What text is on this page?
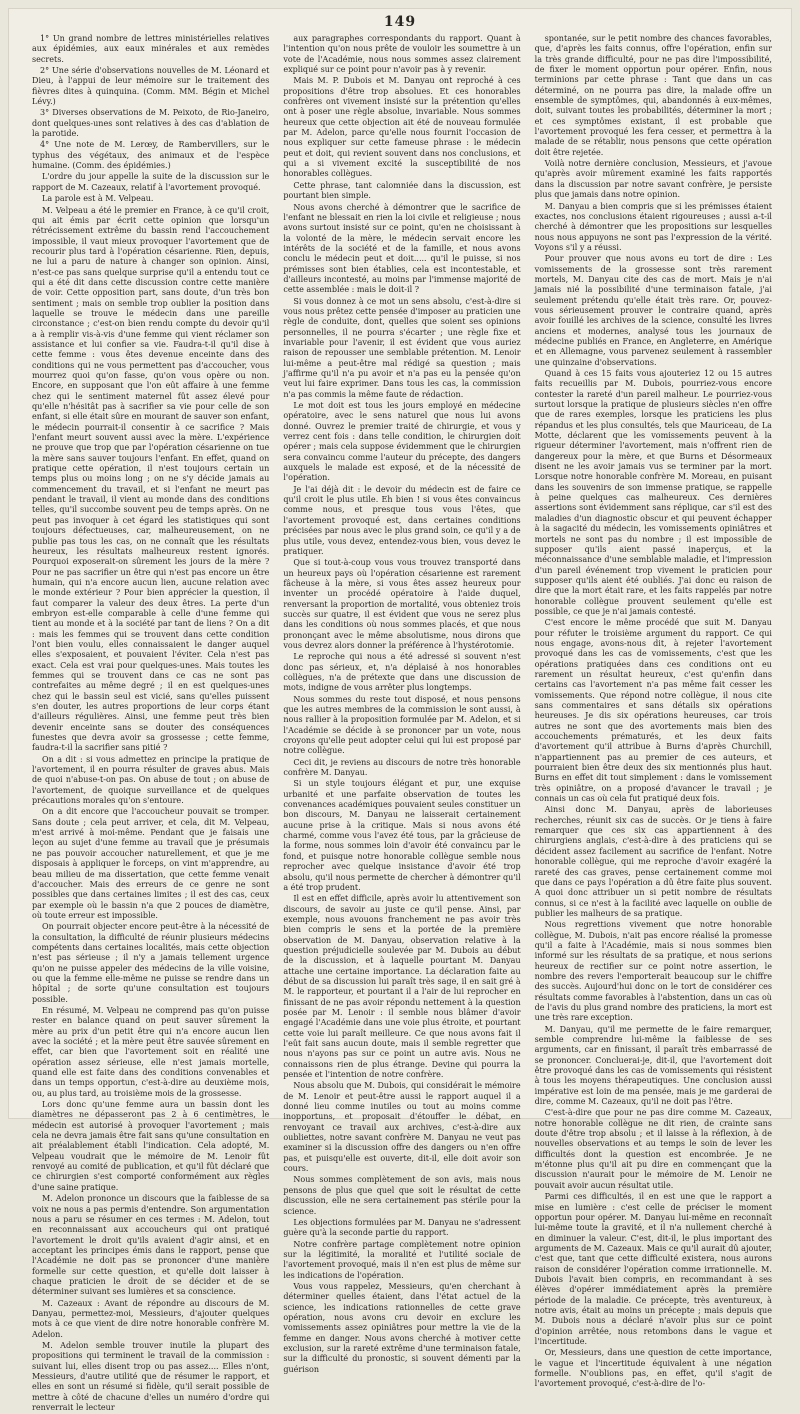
149

1° Un grand nombre de lettres ministérielles relatives aux épidémies, aux eaux minérales et aux remèdes secrets.

2° Une série d'observations nouvelles de M. Léonard et Dieu, à l'appui de leur mémoire sur le traitement des fièvres dites à quinquina. (Comm. MM. Bégin et Michel Lévy.)

3° Diverses observations de M. Peixoto, de Rio-Janeiro, dont quelques-unes sont relatives à des cas d'ablation de la parotide.

4° Une note de M. Lerœy, de Rambervillers, sur le typhus des végétaux, des animaux et de l'espèce humaine. (Comm. des épidémies.)

L'ordre du jour appelle la suite de la discussion sur le rapport de M. Cazeaux, relatif à l'avortement provoqué.

La parole est à M. Velpeau.

M. Velpeau a été le premier en France, à ce qu'il croit, qui ait émis par écrit cette opinion que lorsqu'un rétrécissement extrême du bassin rend l'accouchement impossible, il vaut mieux provoquer l'avortement que de recourir plus tard à l'opération césarienne. Rien, depuis, ne lui a paru de nature à changer son opinion. Ainsi, n'est-ce pas sans quelque surprise qu'il a entendu tout ce qui a été dit dans cette discussion contre cette manière de voir. Cette opposition part, sans doute, d'un très bon sentiment ; mais on semble trop oublier la position dans laquelle se trouve le médecin dans une pareille circonstance ; c'est-on bien rendu compte du devoir qu'il a à remplir vis-à-vis d'une femme qui vient réclamer son assistance et lui confier sa vie. Faudra-t-il qu'il dise à cette femme : vous êtes devenue enceinte dans des conditions qui ne vous permettent pas d'accoucher, vous mourrez quoi qu'on fasse, qu'on vous opère ou non. Encore, en supposant que l'on eût affaire à une femme chez qui le sentiment maternel fût assez élevé pour qu'elle n'hésitât pas à sacrifier sa vie pour celle de son enfant, si elle était sûre en mourant de sauver son enfant, le médecin pourrait-il consentir à ce sacrifice ? Mais l'enfant meurt souvent aussi avec la mère. L'expérience ne prouve que trop que par l'opération césarienne on tue la mère sans sauver toujours l'enfant. En effet, quand on pratique cette opération, il n'est toujours certain un temps plus ou moins long ; on ne s'y décide jamais au commencement du travail, et si l'enfant ne meurt pas pendant le travail, il vient au monde dans des conditions telles, qu'il succombe souvent peu de temps après. On ne peut pas invoquer à cet égard les statistiques qui sont toujours défectueuses, car, malheureusement, on ne publie pas tous les cas, on ne connaît que les résultats heureux, les résultats malheureux restent ignorés. Pourquoi exposerait-on sûrement les jours de la mère ? Pour ne pas sacrifier un être qui n'est pas encore un être humain, qui n'a encore aucun lien, aucune relation avec le monde extérieur ? Pour bien apprécier la question, il faut comparer la valeur des deux êtres. La perte d'un embryon est-elle comparable à celle d'une femme qui tient au monde et à la société par tant de liens ? On a dit : mais les femmes qui se trouvent dans cette condition l'ont bien voulu, elles connaissaient le danger auquel elles s'exposaient, et pouvaient l'éviter. Cela n'est pas exact. Cela est vrai pour quelques-unes. Mais toutes les femmes qui se trouvent dans ce cas ne sont pas contrefaites au même degré ; il en est quelques-unes chez qui le bassin seul est vicié, sans qu'elles puissent s'en douter, les autres proportions de leur corps étant d'ailleurs régulières. Ainsi, une femme peut très bien devenir enceinte sans se douter des conséquences funestes que devra avoir sa grossesse ; cette femme, faudra-t-il la sacrifier sans pitié ?

On a dit : si vous admettez en principe la pratique de l'avortement, il en pourra résulter de graves abus. Mais de quoi n'abuse-t-on pas. On abuse de tout ; on abuse de l'avortement, de quoique surveillance et de quelques précautions morales qu'on s'entoure.

On a dit encore que l'accoucheur pouvait se tromper. Sans doute ; cela peut arriver, et cela, dit M. Velpeau, m'est arrivé à moi-même. Pendant que je faisais une leçon au sujet d'une femme au travail que je présumais ne pas pouvoir accoucher naturellement, et que je me disposais à appliquer le forceps, on vint m'apprendre, au beau milieu de ma dissertation, que cette femme venait d'accoucher. Mais des erreurs de ce genre ne sont possibles que dans certaines limites ; il est des cas, ceux par exemple où le bassin n'a que 2 pouces de diamètre, où toute erreur est impossible.

On pourrait objecter encore peut-être à la nécessité de la consultation, la difficulté de réunir plusieurs médecins compétents dans certaines localités, mais cette objection n'est pas sérieuse ; il n'y a jamais tellement urgence qu'on ne puisse appeler des médecins de la ville voisine, ou que la femme elle-même ne puisse se rendre dans un hôpital ; de sorte qu'une consultation est toujours possible.

En résumé, M. Velpeau ne comprend pas qu'on puisse rester en balance quand on peut sauver sûrement la mère au prix d'un petit être qui n'a encore aucun lien avec la société ; et la mère peut être sauvée sûrement en effet, car bien que l'avortement soit en réalité une opération assez sérieuse, elle n'est jamais mortelle, quand elle est faite dans des conditions convenables et dans un temps opportun, c'est-à-dire au deuxième mois, ou, au plus tard, au troisième mois de la grossesse.

Lors donc qu'une femme aura un bassin dont les diamètres ne dépasseront pas 2 à 6 centimètres, le médecin est autorisé à provoquer l'avortement ; mais cela ne devra jamais être fait sans qu'une consultation en ait préalablement établi l'indication. Cela adopté, M. Velpeau voudrait que le mémoire de M. Lenoir fût renvoyé au comité de publication, et qu'il fût déclaré que ce chirurgien s'est comporté conformément aux règles d'une saine pratique.

M. Adelon prononce un discours que la faiblesse de sa voix ne nous a pas permis d'entendre. Son argumentation nous a paru se résumer en ces termes : M. Adelon, tout en reconnaissant aux accoucheurs qui ont pratiqué l'avortement le droit qu'ils avaient d'agir ainsi, et en acceptant les principes émis dans le rapport, pense que l'Académie ne doit pas se prononcer d'une manière formelle sur cette question, et qu'elle doit laisser à chaque praticien le droit de se décider et de se déterminer suivant ses lumières et sa conscience.

M. Cazeaux : Avant de répondre au discours de M. Danyau, permettez-moi, Messieurs, d'ajouter quelques mots à ce que vient de dire notre honorable confrère M. Adelon.

M. Adelon semble trouver inutile la plupart des propositions qui terminent le travail de la commission : suivant lui, elles disent trop ou pas assez.... Elles n'ont, Messieurs, d'autre utilité que de résumer le rapport, et elles en sont un résumé si fidèle, qu'il serait possible de mettre à côté de chacune d'elles un numéro d'ordre qui renverrait le lecteur

aux paragraphes correspondants du rapport. Quant à l'intention qu'on nous prête de vouloir les soumettre à un vote de l'Académie, nous nous sommes assez clairement expliqué sur ce point pour n'avoir pas à y revenir.

Mais M. P. Dubois et M. Danyau ont reproché à ces propositions d'être trop absolues. Et ces honorables confrères ont vivement insisté sur la prétention qu'elles ont à poser une règle absolue, invariable. Nous sommes heureux que cette objection ait été de nouveau formulée par M. Adelon, parce qu'elle nous fournit l'occasion de nous expliquer sur cette fameuse phrase : le médecin peut et doit, qui revient souvent dans nos conclusions, et qui a si vivement excité la susceptibilité de nos honorables collègues.

Cette phrase, tant calomniée dans la discussion, est pourtant bien simple.

Nous avons cherché à démontrer que le sacrifice de l'enfant ne blessait en rien la loi civile et religieuse ; nous avons surtout insisté sur ce point, qu'en ne choisissant à la volonté de la mère, le médecin servait encore les intérêts de la société et de la famille, et nous avons conclu le médecin peut et doit..... qu'il le puisse, si nos prémisses sont bien établies, cela est incontestable, et d'ailleurs incontesté, au moins par l'immense majorité de cette assemblée : mais le doit-il ?

Si vous donnez à ce mot un sens absolu, c'est-à-dire si vous nous prêtez cette pensée d'imposer au praticien une règle de conduite, dont, quelles que soient ses opinions personnelles, il ne pourra s'écarter ; une règle fixe et invariable pour l'avenir, il est évident que vous auriez raison de repousser une semblable prétention. M. Lenoir lui-même a peut-être mal rédigé sa question ; mais j'affirme qu'il n'a pu avoir et n'a pas eu la pensée qu'on veut lui faire exprimer. Dans tous les cas, la commission n'a pas commis la même faute de rédaction.

Le mot doit est tous les jours employé en médecine opératoire, avec le sens naturel que nous lui avons donné. Ouvrez le premier traité de chirurgie, et vous y verrez cent fois : dans telle condition, le chirurgien doit opérer ; mais cela suppose évidemment que le chirurgien sera convaincu comme l'auteur du précepte, des dangers auxquels le malade est exposé, et de la nécessité de l'opération.

Je l'ai déjà dit : le devoir du médecin est de faire ce qu'il croit le plus utile. Eh bien ! si vous êtes convaincus comme nous, et presque tous vous l'êtes, que l'avortement provoqué est, dans certaines conditions précisées par nous avec le plus grand soin, ce qu'il y a de plus utile, vous devez, entendez-vous bien, vous devez le pratiquer.

Que si tout-à-coup vous vous trouvez transporté dans un heureux pays où l'opération césarienne est rarement fâcheuse à la mère, si vous êtes assez heureux pour inventer un procédé opératoire à l'aide duquel, renversant la proportion de mortalité, vous obteniez trois succès sur quatre, il est évident que vous ne serez plus dans les conditions où nous sommes placés, et que nous prononçant avec le même absolutisme, nous dirons que vous devrez alors donner la préférence à l'hystérotomie.

Le reproche qui nous a été adressé si souvent n'est donc pas sérieux, et, n'a déplaisé à nos honorables collègues, n'a de prétexte que dans une discussion de mots, indigne de vous arrêter plus longtemps.

Nous sommes du reste tout disposé, et nous pensons que les autres membres de la commission le sont aussi, à nous rallier à la proposition formulée par M. Adelon, et si l'Académie se décide à se prononcer par un vote, nous croyons qu'elle peut adopter celui qui lui est proposé par notre collègue.

Ceci dit, je reviens au discours de notre très honorable confrère M. Danyau.

Si un style toujours élégant et pur, une exquise urbanité et une parfaite observation de toutes les convenances académiques pouvaient seules constituer un bon discours, M. Danyau ne laisserait certainement aucune prise à la critique. Mais si nous avons été charmé, comme vous l'avez été tous, par la grâcieuse de la forme, nous sommes loin d'avoir été convaincu par le fond, et puisque notre honorable collègue semble nous reprocher avec quelque insistance d'avoir été trop absolu, qu'il nous permette de chercher à démontrer qu'il a été trop prudent.

Il est en effet difficile, après avoir lu attentivement son discours, de savoir au juste ce qu'il pense. Ainsi, par exemple, nous avouons franchement ne pas avoir très bien compris le sens et la portée de la première observation de M. Danyau, observation relative à la question préjudicielle soulevée par M. Dubois au début de la discussion, et à laquelle pourtant M. Danyau attache une certaine importance. La déclaration faite au début de sa discussion lui paraît très sage, il en sait gré à M. le rapporteur, et pourtant il a l'air de lui reprocher en finissant de ne pas avoir répondu nettement à la question posée par M. Lenoir : il semble nous blâmer d'avoir engagé l'Académie dans une voie plus étroite, et pourtant cette voie lui paraît meilleure. Ce que nous avons fait il l'eût fait sans aucun doute, mais il semble regretter que nous n'ayons pas sur ce point un autre avis. Nous ne connaissons rien de plus étrange. Devine qui pourra la pensée et l'intention de notre confrère.

Nous absolu que M. Dubois, qui considérait le mémoire de M. Lenoir et peut-être aussi le rapport auquel il a donné lieu comme inutiles ou tout au moins comme inopportuns, et proposait d'étouffer le débat, en renvoyant ce travail aux archives, c'est-à-dire aux oubliettes, notre savant confrère M. Danyau ne veut pas examiner si la discussion offre des dangers ou n'en offre pas, et puisqu'elle est ouverte, dit-il, elle doit avoir son cours.

Nous sommes complètement de son avis, mais nous pensons de plus que quel que soit le résultat de cette discussion, elle ne sera certainement pas stérile pour la science.

Les objections formulées par M. Danyau ne s'adressent guère qu'à la seconde partie du rapport.

Notre confrère partage complètement notre opinion sur la légitimité, la moralité et l'utilité sociale de l'avortement provoqué, mais il n'en est plus de même sur les indications de l'opération.

Vous vous rappelez, Messieurs, qu'en cherchant à déterminer quelles étaient, dans l'état actuel de la science, les indications rationnelles de cette grave opération, nous avons cru devoir en exclure les vomissements assez opiniâtres pour mettre la vie de la femme en danger. Nous avons cherché à motiver cette exclusion, sur la rareté extrême d'une terminaison fatale, sur la difficulté du pronostic, si souvent démenti par la guérison

spontanée, sur le petit nombre des chances favorables, que, d'après les faits connus, offre l'opération, enfin sur la très grande difficulté, pour ne pas dire l'impossibilité, de fixer le moment opportun pour opérer. Enfin, nous terminions par cette phrase : Tant que dans un cas déterminé, on ne pourra pas dire, la malade offre un ensemble de symptômes, qui, abandonnés à eux-mêmes, doit, suivant toutes les probabilités, déterminer la mort ; et ces symptômes existant, il est probable que l'avortement provoqué les fera cesser, et permettra à la malade de se rétablir, nous pensons que cette opération doit être rejetée.

Voilà notre dernière conclusion, Messieurs, et j'avoue qu'après avoir mûrement examiné les faits rapportés dans la discussion par notre savant confrère, je persiste plus que jamais dans notre opinion.

M. Danyau a bien compris que si les prémisses étaient exactes, nos conclusions étaient rigoureuses ; aussi a-t-il cherché à démontrer que les propositions sur lesquelles nous nous appuyons ne sont pas l'expression de la vérité. Voyons s'il y a réussi.

Pour prouver que nous avons eu tort de dire : Les vomissements de la grossesse sont très rarement mortels, M. Danyau cite des cas de mort. Mais je n'ai jamais nié la possibilité d'une terminaison fatale, j'ai seulement prétendu qu'elle était très rare. Or, pouvez-vous sérieusement prouver le contraire quand, après avoir fouillé les archives de la science, consulté les livres anciens et modernes, analysé tous les journaux de médecine publiés en France, en Angleterre, en Amérique et en Allemagne, vous parvenez seulement à rassembler une quinzaine d'observations.

Quand à ces 15 faits vous ajouteriez 12 ou 15 autres faits recueillis par M. Dubois, pourriez-vous encore contester la rareté d'un pareil malheur. Le pourriez-vous surtout lorsque la pratique de plusieurs siècles n'en offre que de rares exemples, lorsque les praticiens les plus répandus et les plus consultés, tels que Mauriceau, de La Motte, déclarent que les vomissements peuvent à la rigueur déterminer l'avortement, mais n'offrent rien de dangereux pour la mère, et que Burns et Désormeaux disent ne les avoir jamais vus se terminer par la mort. Lorsque notre honorable confrère M. Moreau, en puisant dans les souvenirs de son immense pratique, se rappelle à peine quelques cas malheureux. Ces dernières assertions sont évidemment sans réplique, car s'il est des maladies d'un diagnostic obscur et qui peuvent échapper à la sagacité du médecin, les vomissements opiniâtres et mortels ne sont pas du nombre ; il est impossible de supposer qu'ils aient passé inaperçus, et la méconnaissance d'une semblable maladie, et l'impression d'un pareil événement trop vivement le praticien pour supposer qu'ils aient été oubliés. J'ai donc eu raison de dire que la mort était rare, et les faits rappelés par notre honorable collègue prouvent seulement qu'elle est possible, ce que je n'ai jamais contesté.

C'est encore le même procédé que suit M. Danyau pour réfuter le troisième argument du rapport. Ce qui nous engage, avons-nous dit, à rejeter l'avortement provoqué dans les cas de vomissements, c'est que les opérations pratiquées dans ces conditions ont eu rarement un résultat heureux, c'est qu'enfin dans certains cas l'avortement n'a pas même fait cesser les vomissements. Que répond notre collègue, il nous cite sans commentaires et sans détails six opérations heureuses. Je dis six opérations heureuses, car trois autres ne sont que des avortements mais bien des accouchements prématurés, et les deux faits d'avortement qu'il attribue à Burns d'après Churchill, n'appartiennent pas au premier de ces auteurs, et pourraient bien être deux des six mentionnés plus haut. Burns en effet dit tout simplement : dans le vomissement très opiniâtre, on a proposé d'avancer le travail ; je connais un cas où cela fut pratiqué deux fois.

Ainsi donc M. Danyau, après de laborieuses recherches, réunit six cas de succès. Or je tiens à faire remarquer que ces six cas appartiennent à des chirurgiens anglais, c'est-à-dire à des praticiens qui se décident assez facilement au sacrifice de l'enfant. Notre honorable collègue, qui me reproche d'avoir exagéré la rareté des cas graves, pense certainement comme moi que dans ce pays l'opération a dû être faite plus souvent. A quoi donc attribuer un si petit nombre de résultats connus, si ce n'est à la facilité avec laquelle on oublie de publier les malheurs de sa pratique.

Nous regrettions vivement que notre honorable collègue, M. Dubois, n'ait pas encore réalisé la promesse qu'il a faite à l'Académie, mais si nous sommes bien informé sur les résultats de sa pratique, et nous serions heureux de rectifier sur ce point notre assertion, le nombre des revers l'emporterait beaucoup sur le chiffre des succès. Aujourd'hui donc on le tort de considérer ces résultats comme favorables à l'abstention, dans un cas où de l'avis du plus grand nombre des praticiens, la mort est une très rare exception.

M. Danyau, qu'il me permette de le faire remarquer, semble comprendre lui-même la faiblesse de ses arguments, car en finissant, il paraît très embarrassé de se prononcer. Concluerai-je, dit-il, que l'avortement doit être provoqué dans les cas de vomissements qui résistent à tous les moyens thérapeutiques. Une conclusion aussi impérative est loin de ma pensée, mais je me garderai de dire, comme M. Cazeaux, qu'il ne doit pas l'être.

C'est-à-dire que pour ne pas dire comme M. Cazeaux, notre honorable collègue ne dit rien, de crainte sans doute d'être trop absolu ; et il laisse à la réflexion, à de nouvelles observations et au temps le soin de lever les difficultés dont la question est encombrée. Je ne m'étonne plus qu'il ait pu dire en commençant que la discussion n'aurait pour le mémoire de M. Lenoir ne pouvait avoir aucun résultat utile.

Parmi ces difficultés, il en est une que le rapport a mise en lumière : c'est celle de préciser le moment opportun pour opérer. M. Danyau lui-même en reconnaît lui-même toute la gravité, et il n'a nullement cherché à en diminuer la valeur. C'est, dit-il, le plus important des arguments de M. Cazeaux. Mais ce qu'il aurait dû ajouter, c'est que, tant que cette difficulté existera, nous aurons raison de considérer l'opération comme irrationnelle. M. Dubois l'avait bien compris, en recommandant à ses élèves d'opérer immédiatement après la première période de la maladie. Ce précepte, très aventureux, à notre avis, était au moins un précepte ; mais depuis que M. Dubois nous a déclaré n'avoir plus sur ce point d'opinion arrêtée, nous retombons dans le vague et l'incertitude.

Or, Messieurs, dans une question de cette importance, le vague et l'incertitude équivalent à une négation formelle. N'oublions pas, en effet, qu'il s'agit de l'avortement provoqué, c'est-à-dire de l'o-
